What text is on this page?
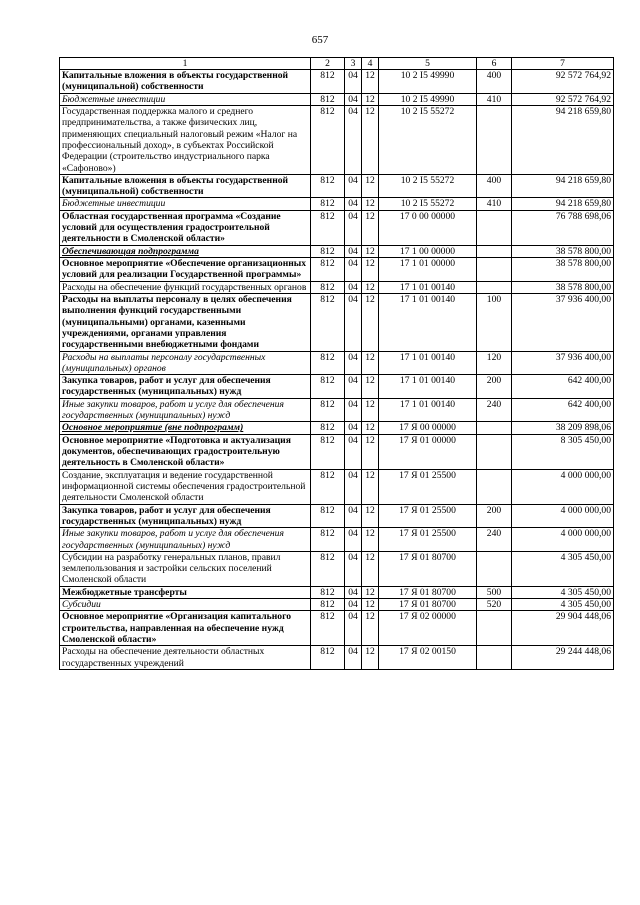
657
1	2	3	4	5	6	7
Капитальные вложения в объекты государственной (муниципальной) собственности	812	04	12	10 2 I5 49990	400	92 572 764,92
Бюджетные инвестиции	812	04	12	10 2 I5 49990	410	92 572 764,92
Государственная поддержка малого и среднего предпринимательства, а также физических лиц, применяющих специальный налоговый режим «Налог на профессиональный доход», в субъектах Российской Федерации (строительство индустриального парка «Сафоново»)	812	04	12	10 2 I5 55272		94 218 659,80
Капитальные вложения в объекты государственной (муниципальной) собственности	812	04	12	10 2 I5 55272	400	94 218 659,80
Бюджетные инвестиции	812	04	12	10 2 I5 55272	410	94 218 659,80
Областная государственная программа «Создание условий для осуществления градостроительной деятельности в Смоленской области»	812	04	12	17 0 00 00000		76 788 698,06
Обеспечивающая подпрограмма	812	04	12	17 1 00 00000		38 578 800,00
Основное мероприятие «Обеспечение организационных условий для реализации Государственной программы»	812	04	12	17 1 01 00000		38 578 800,00
Расходы на обеспечение функций государственных органов	812	04	12	17 1 01 00140		38 578 800,00
Расходы на выплаты персоналу в целях обеспечения выполнения функций государственными (муниципальными) органами, казенными учреждениями, органами управления государственными внебюджетными фондами	812	04	12	17 1 01 00140	100	37 936 400,00
Расходы на выплаты персоналу государственных (муниципальных) органов	812	04	12	17 1 01 00140	120	37 936 400,00
Закупка товаров, работ и услуг для обеспечения государственных (муниципальных) нужд	812	04	12	17 1 01 00140	200	642 400,00
Иные закупки товаров, работ и услуг для обеспечения государственных (муниципальных) нужд	812	04	12	17 1 01 00140	240	642 400,00
Основное мероприятие (вне подпрограмм)	812	04	12	17 Я 00 00000		38 209 898,06
Основное мероприятие «Подготовка и актуализация документов, обеспечивающих градостроительную деятельность в Смоленской области»	812	04	12	17 Я 01 00000		8 305 450,00
Создание, эксплуатация и ведение государственной информационной системы обеспечения градостроительной деятельности Смоленской области	812	04	12	17 Я 01 25500		4 000 000,00
Закупка товаров, работ и услуг для обеспечения государственных (муниципальных) нужд	812	04	12	17 Я 01 25500	200	4 000 000,00
Иные закупки товаров, работ и услуг для обеспечения государственных (муниципальных) нужд	812	04	12	17 Я 01 25500	240	4 000 000,00
Субсидии на разработку генеральных планов, правил землепользования и застройки сельских поселений Смоленской области	812	04	12	17 Я 01 80700		4 305 450,00
Межбюджетные трансферты	812	04	12	17 Я 01 80700	500	4 305 450,00
Субсидии	812	04	12	17 Я 01 80700	520	4 305 450,00
Основное мероприятие «Организация капитального строительства, направленная на обеспечение нужд Смоленской области»	812	04	12	17 Я 02 00000		29 904 448,06
Расходы на обеспечение деятельности областных государственных учреждений	812	04	12	17 Я 02 00150		29 244 448,06
